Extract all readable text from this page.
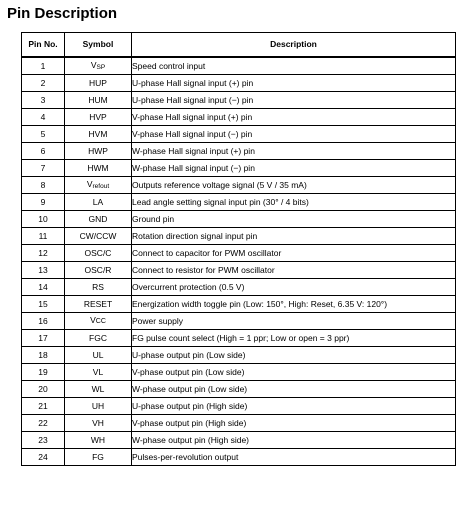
Pin Description
Pin No.	Symbol	Description
1	VSP	Speed control input
2	HUP	U-phase Hall signal input (+) pin
3	HUM	U-phase Hall signal input (−) pin
4	HVP	V-phase Hall signal input (+) pin
5	HVM	V-phase Hall signal input (−) pin
6	HWP	W-phase Hall signal input (+) pin
7	HWM	W-phase Hall signal input (−) pin
8	Vrefout	Outputs reference voltage signal (5 V / 35 mA)
9	LA	Lead angle setting signal input pin (30° / 4 bits)
10	GND	Ground pin
11	CW/CCW	Rotation direction signal input pin
12	OSC/C	Connect to capacitor for PWM oscillator
13	OSC/R	Connect to resistor for PWM oscillator
14	RS	Overcurrent protection (0.5 V)
15	RESET	Energization width toggle pin (Low: 150°, High: Reset, 6.35 V: 120°)
16	VCC	Power supply
17	FGC	FG pulse count select (High = 1 ppr; Low or open = 3 ppr)
18	UL	U-phase output pin (Low side)
19	VL	V-phase output pin (Low side)
20	WL	W-phase output pin (Low side)
21	UH	U-phase output pin (High side)
22	VH	V-phase output pin (High side)
23	WH	W-phase output pin (High side)
24	FG	Pulses-per-revolution output
